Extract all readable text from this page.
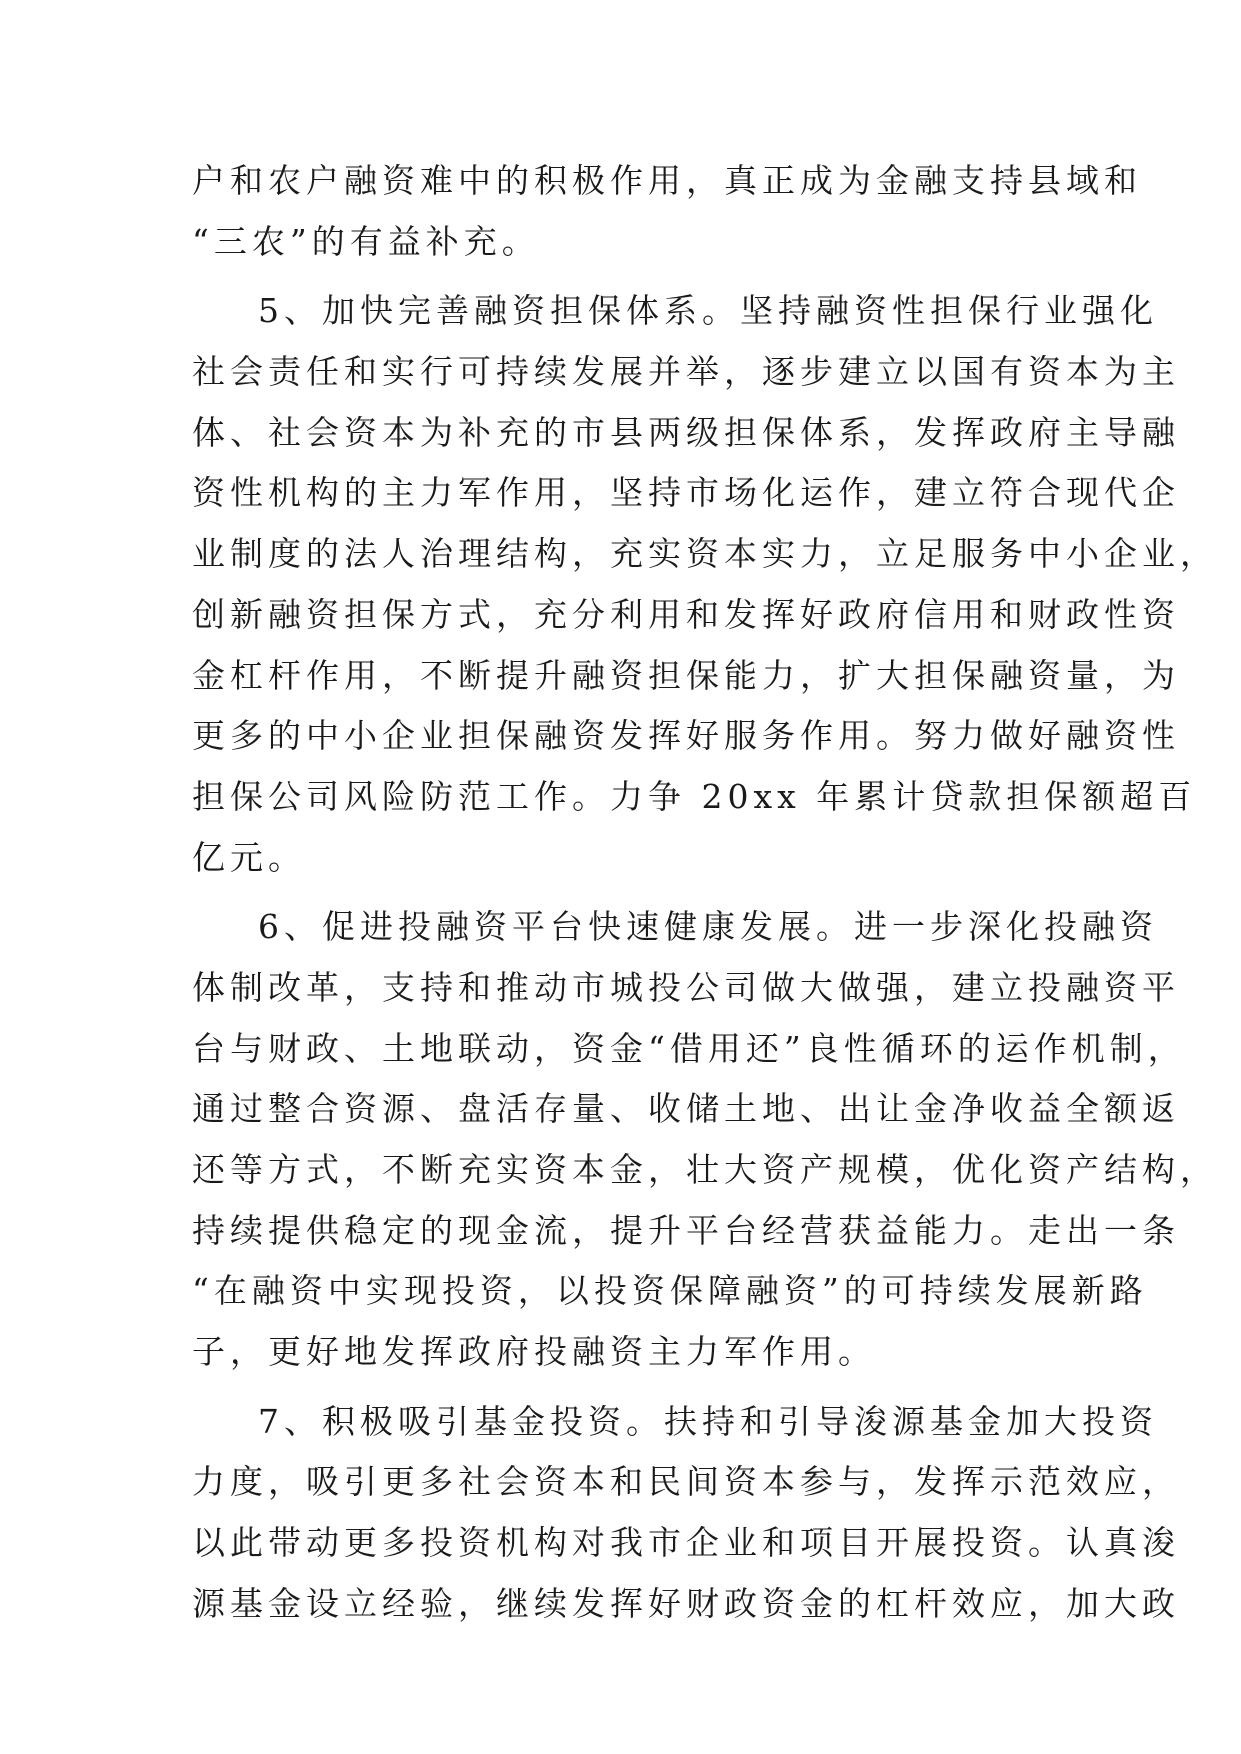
户和农户融资难中的积极作用，真正成为金融支持县域和
“三农”的有益补充。
5、加快完善融资担保体系。坚持融资性担保行业强化
社会责任和实行可持续发展并举，逐步建立以国有资本为主
体、社会资本为补充的市县两级担保体系，发挥政府主导融
资性机构的主力军作用，坚持市场化运作，建立符合现代企
业制度的法人治理结构，充实资本实力，立足服务中小企业，
创新融资担保方式，充分利用和发挥好政府信用和财政性资
金杠杆作用，不断提升融资担保能力，扩大担保融资量，为
更多的中小企业担保融资发挥好服务作用。努力做好融资性
担保公司风险防范工作。力争 20xx 年累计贷款担保额超百
亿元。
6、促进投融资平台快速健康发展。进一步深化投融资
体制改革，支持和推动市城投公司做大做强，建立投融资平
台与财政、土地联动，资金“借用还”良性循环的运作机制，
通过整合资源、盘活存量、收储土地、出让金净收益全额返
还等方式，不断充实资本金，壮大资产规模，优化资产结构，
持续提供稳定的现金流，提升平台经营获益能力。走出一条
“在融资中实现投资，以投资保障融资”的可持续发展新路
子，更好地发挥政府投融资主力军作用。
7、积极吸引基金投资。扶持和引导浚源基金加大投资
力度，吸引更多社会资本和民间资本参与，发挥示范效应，
以此带动更多投资机构对我市企业和项目开展投资。认真浚
源基金设立经验，继续发挥好财政资金的杠杆效应，加大政
